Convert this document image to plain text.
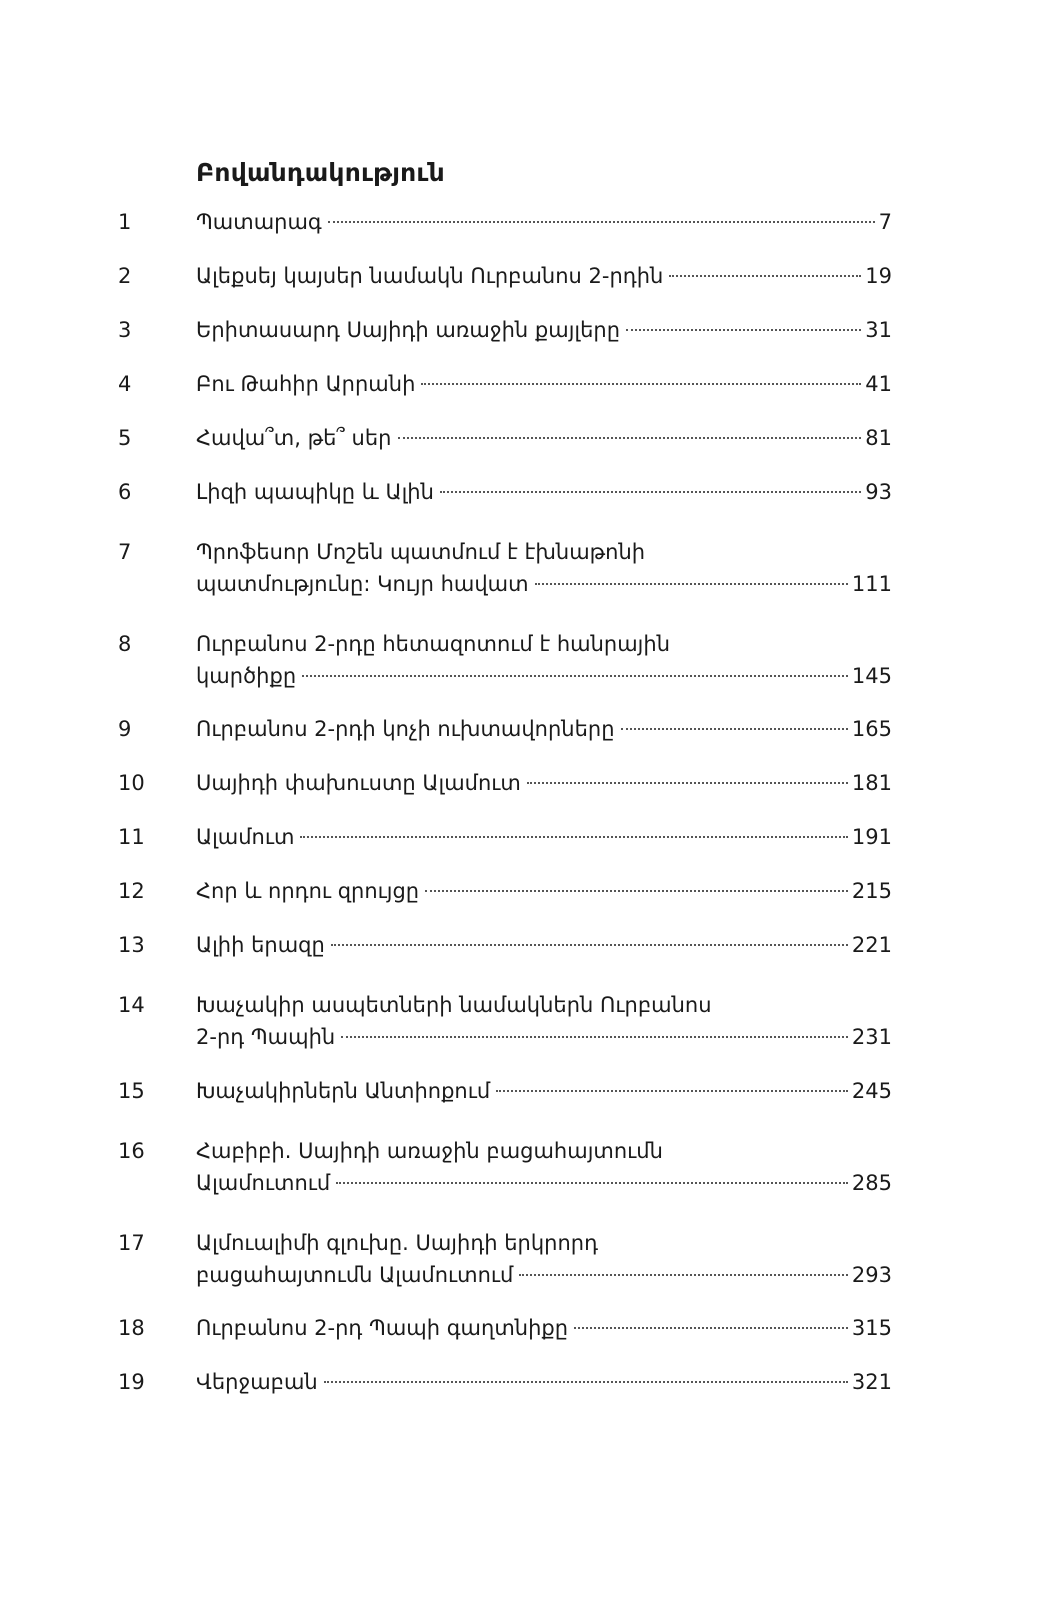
Բովանդակություն
1	Պատարագ	7
2	Ալեքսեյ կայսեր նամակն Ուրբանոս 2-րդին	19
3	Երիտասարդ Սայիդի առաջին քայլերը	31
4	Բու Թահիր Արրանի	41
5	Հավա՞տ, թե՞ սեր	81
6	Լիզի պապիկը և Ալին	93
7	Պրոֆեսոր Մոշեն պատմում է էխնաթոնի
պատմությունը: Կույր հավատ	111
8	Ուրբանոս 2-րդը հետազոտում է հանրային
կարծիքը	145
9	Ուրբանոս 2-րդի կոչի ուխտավորները	165
10 Սայիդի փախուստը Ալամուտ	181
11 Ալամուտ	191
12 Հոր և որդու զրույցը	215
13 Ալիի երազը	221
14 Խաչակիր ասպետների նամակներն Ուրբանոս
2-րդ Պապին	231
15 Խաչակիրներն Անտիոքում	245
16 Հաբիբի. Սայիդի առաջին բացահայտումն
Ալամուտում	285
17 Ալմուալիմի գլուխը. Սայիդի երկրորդ
բացահայտումն Ալամուտում	293
18 Ուրբանոս 2-րդ Պապի գաղտնիքը	315
19 Վերջաբան	321
